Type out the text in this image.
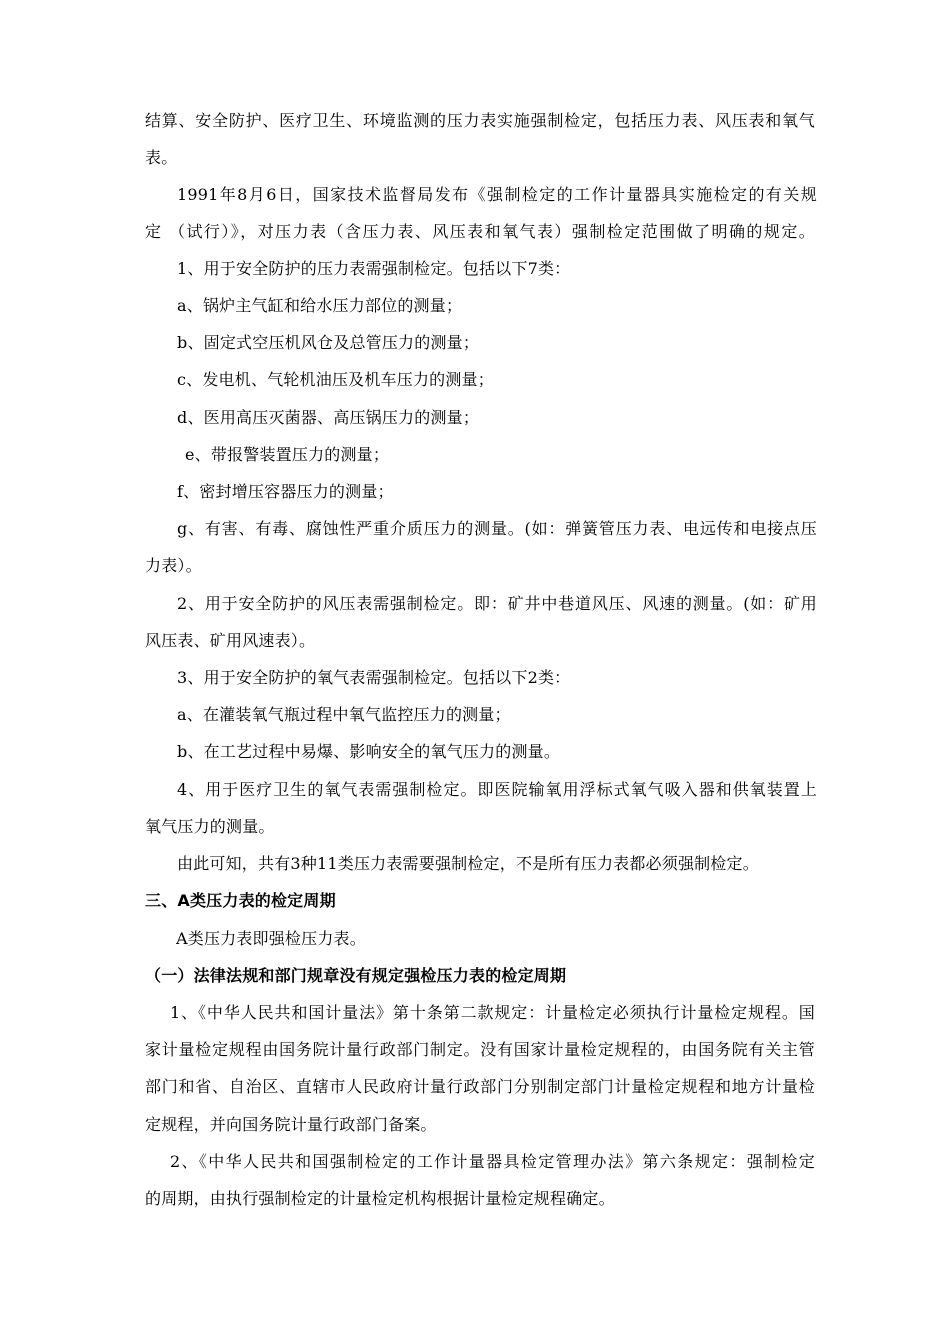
结算、安全防护、医疗卫生、环境监测的压力表实施强制检定，包括压力表、风压表和氧气
表。
1991年8月6日，国家技术监督局发布《强制检定的工作计量器具实施检定的有关规
定 （试行）》，对压力表（含压力表、风压表和氧气表）强制检定范围做了明确的规定。
1、用于安全防护的压力表需强制检定。包括以下7类：
a、锅炉主气缸和给水压力部位的测量；
b、固定式空压机风仓及总管压力的测量；
c、发电机、气轮机油压及机车压力的测量；
d、医用高压灭菌器、高压锅压力的测量；
e、带报警装置压力的测量；
f、密封增压容器压力的测量；
g、有害、有毒、腐蚀性严重介质压力的测量。(如：弹簧管压力表、电远传和电接点压
力表）。
2、用于安全防护的风压表需强制检定。即：矿井中巷道风压、风速的测量。(如：矿用
风压表、矿用风速表）。
3、用于安全防护的氧气表需强制检定。包括以下2类：
a、在灌装氧气瓶过程中氧气监控压力的测量；
b、在工艺过程中易爆、影响安全的氧气压力的测量。
4、用于医疗卫生的氧气表需强制检定。即医院输氧用浮标式氧气吸入器和供氧装置上
氧气压力的测量。
由此可知，共有3种11类压力表需要强制检定，不是所有压力表都必须强制检定。
三、A类压力表的检定周期
A类压力表即强检压力表。
（一）法律法规和部门规章没有规定强检压力表的检定周期
1、《中华人民共和国计量法》第十条第二款规定：计量检定必须执行计量检定规程。国
家计量检定规程由国务院计量行政部门制定。没有国家计量检定规程的，由国务院有关主管
部门和省、自治区、直辖市人民政府计量行政部门分别制定部门计量检定规程和地方计量检
定规程，并向国务院计量行政部门备案。
2、《中华人民共和国强制检定的工作计量器具检定管理办法》第六条规定：强制检定
的周期，由执行强制检定的计量检定机构根据计量检定规程确定。
